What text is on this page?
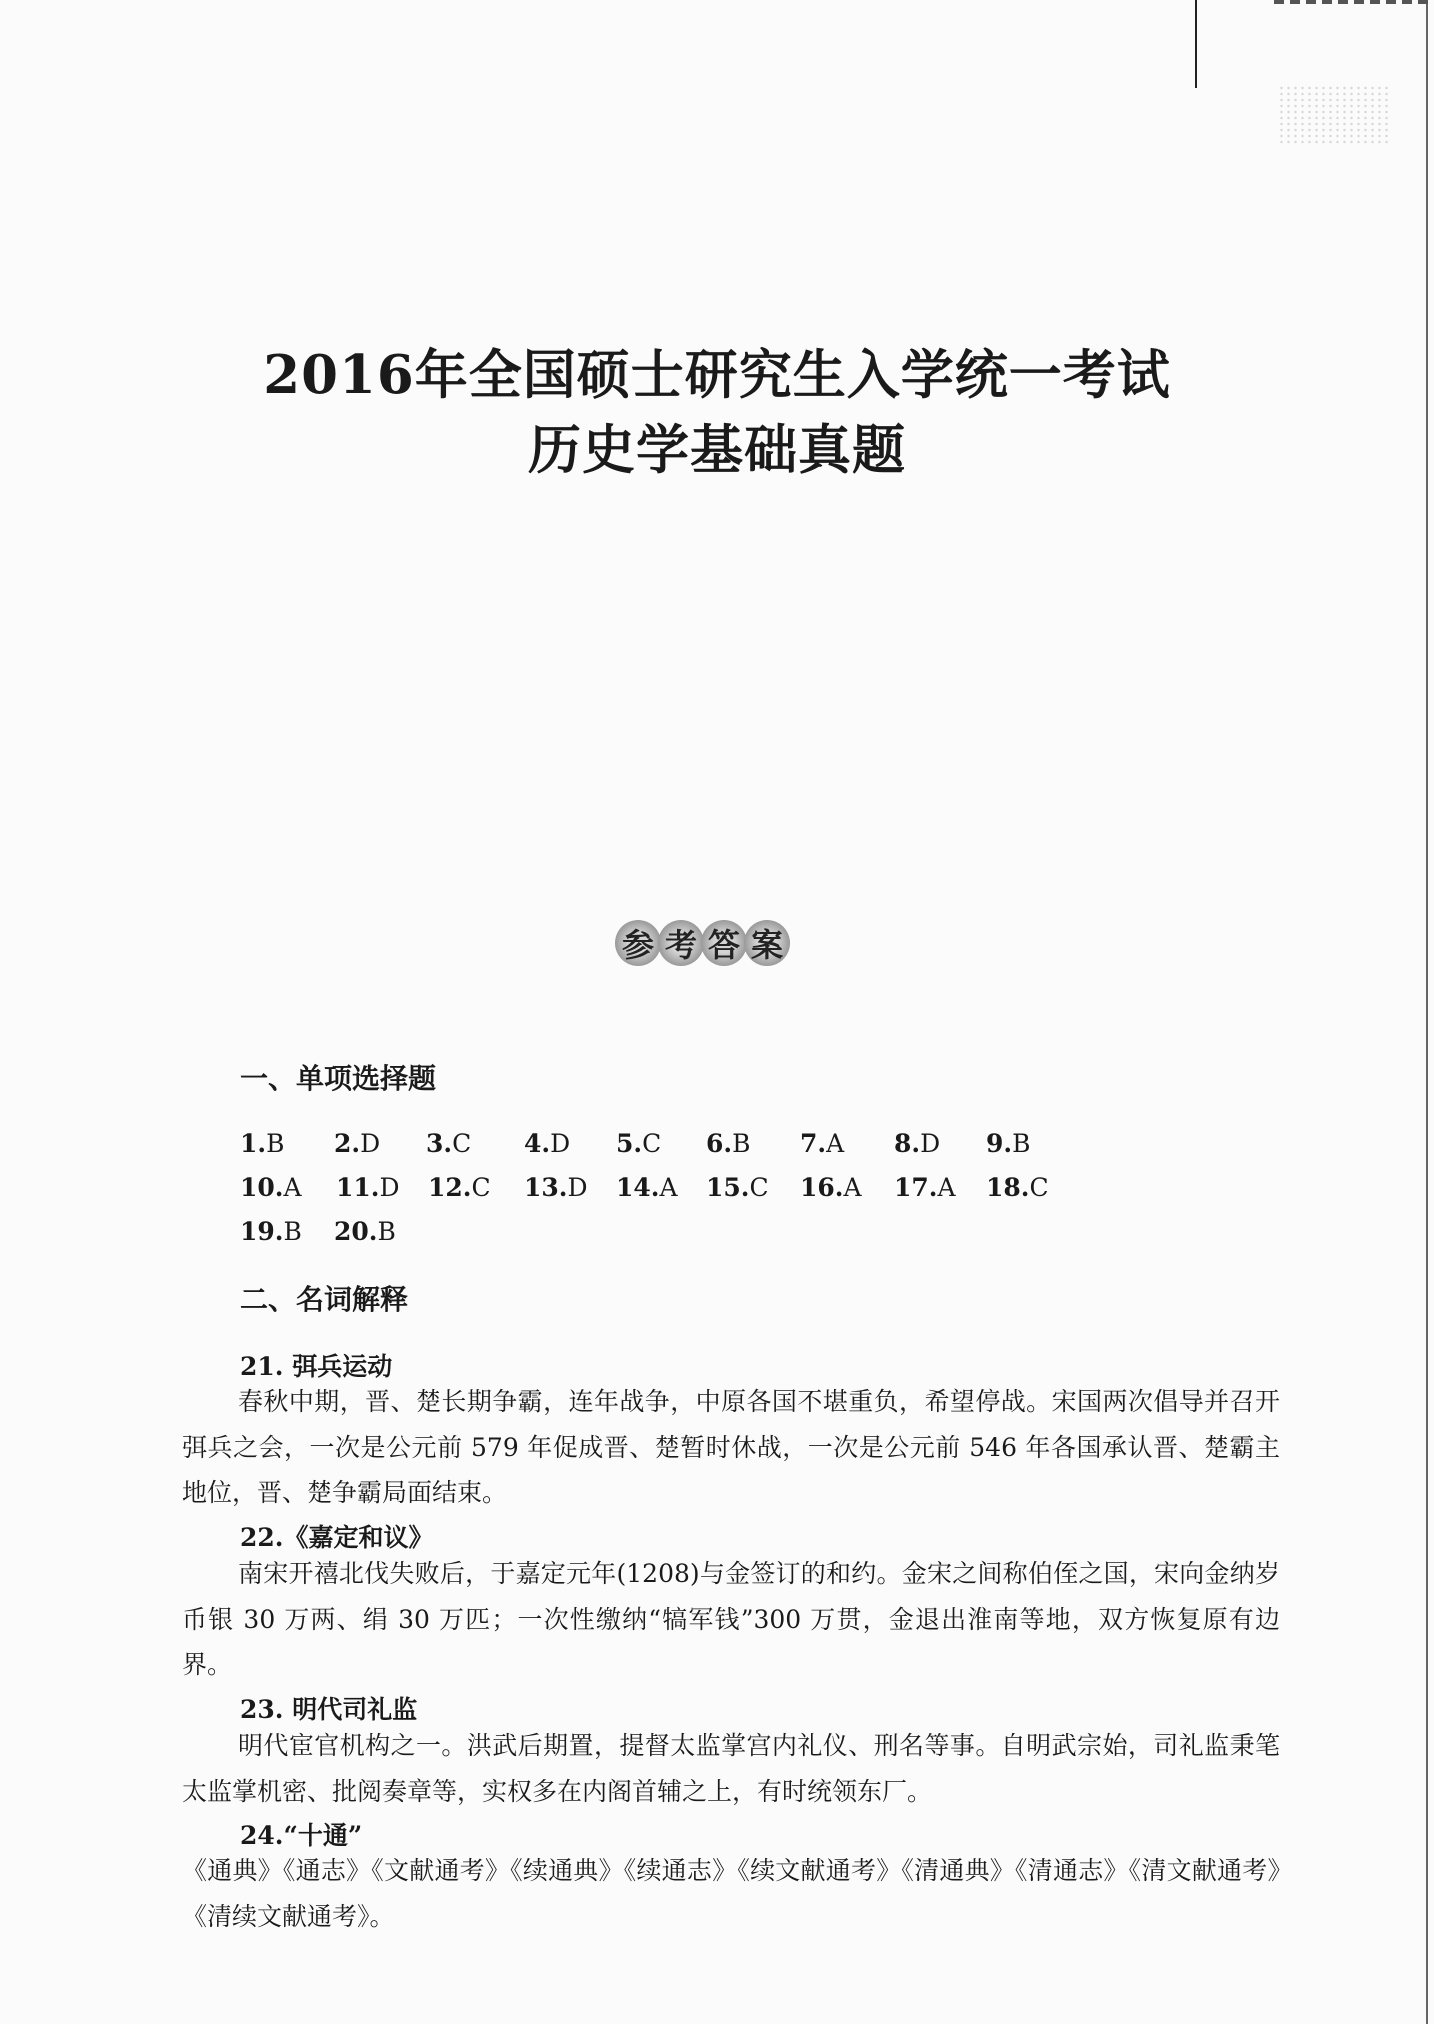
2016年全国硕士研究生入学统一考试
历史学基础真题
参 考 答 案
一、单项选择题
1.B 2.D 3.C 4.D 5.C 6.B 7.A 8.D 9.B
10.A 11.D 12.C 13.D 14.A 15.C 16.A 17.A 18.C
19.B 20.B
二、名词解释
21. 弭兵运动
春秋中期，晋、楚长期争霸，连年战争，中原各国不堪重负，希望停战。宋国两次倡导并召开弭兵之会，一次是公元前 579 年促成晋、楚暂时休战，一次是公元前 546 年各国承认晋、楚霸主地位，晋、楚争霸局面结束。
22.《嘉定和议》
南宋开禧北伐失败后，于嘉定元年(1208)与金签订的和约。金宋之间称伯侄之国，宋向金纳岁币银 30 万两、绢 30 万匹；一次性缴纳“犒军钱”300 万贯，金退出淮南等地，双方恢复原有边界。
23. 明代司礼监
明代宦官机构之一。洪武后期置，提督太监掌宫内礼仪、刑名等事。自明武宗始，司礼监秉笔太监掌机密、批阅奏章等，实权多在内阁首辅之上，有时统领东厂。
24.“十通”
《通典》《通志》《文献通考》《续通典》《续通志》《续文献通考》《清通典》《清通志》《清文献通考》《清续文献通考》。
